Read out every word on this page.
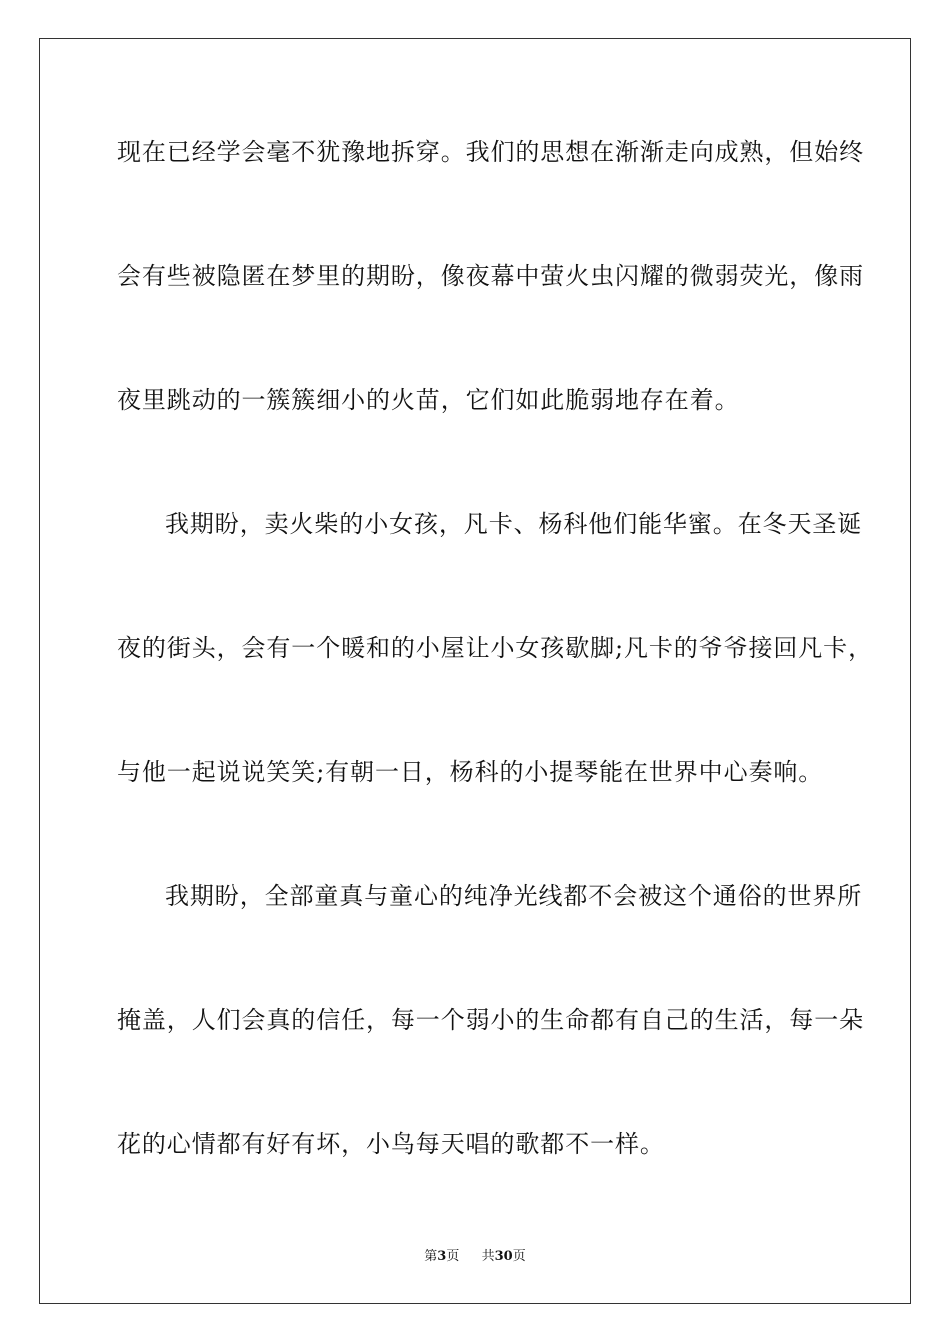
现在已经学会毫不犹豫地拆穿。我们的思想在渐渐走向成熟，但始终
会有些被隐匿在梦里的期盼，像夜幕中萤火虫闪耀的微弱荧光，像雨
夜里跳动的一簇簇细小的火苗，它们如此脆弱地存在着。
我期盼，卖火柴的小女孩，凡卡、杨科他们能华蜜。在冬天圣诞
夜的街头，会有一个暖和的小屋让小女孩歇脚;凡卡的爷爷接回凡卡，
与他一起说说笑笑;有朝一日，杨科的小提琴能在世界中心奏响。
我期盼，全部童真与童心的纯净光线都不会被这个通俗的世界所
掩盖，人们会真的信任，每一个弱小的生命都有自己的生活，每一朵
花的心情都有好有坏，小鸟每天唱的歌都不一样。
第3页 共30页
